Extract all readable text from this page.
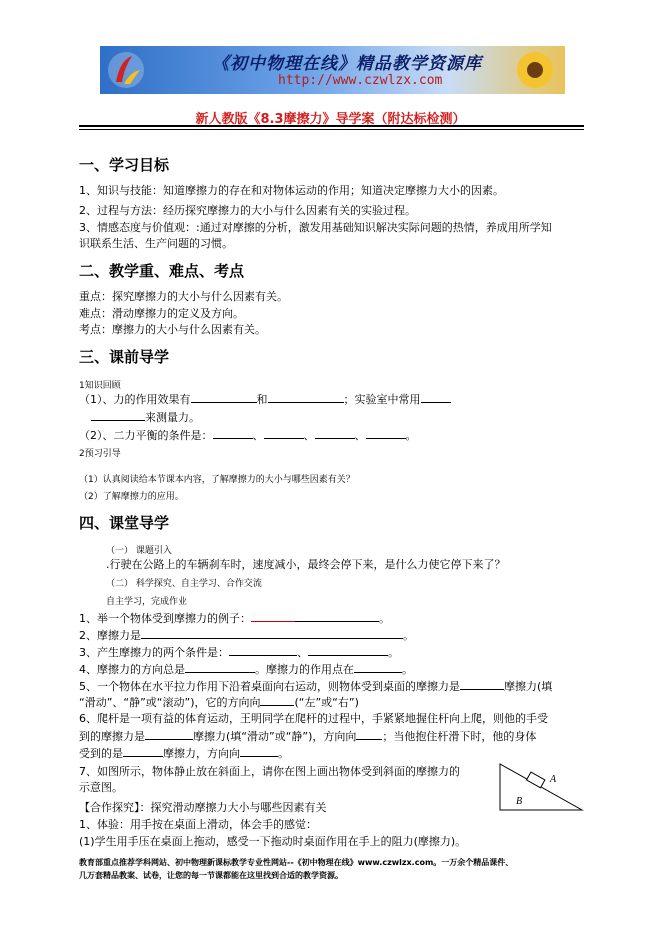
《初中物理在线》精品教学资源库
http://www.czwlzx.com
新人教版《8.3摩擦力》导学案（附达标检测）
一、学习目标
1、知识与技能：知道摩擦力的存在和对物体运动的作用；知道决定摩擦力大小的因素。
2、过程与方法：经历探究摩擦力的大小与什么因素有关的实验过程。
3、情感态度与价值观：:通过对摩擦的分析，激发用基础知识解决实际问题的热情，养成用所学知
识联系生活、生产问题的习惯。
二、教学重、难点、考点
重点：探究摩擦力的大小与什么因素有关。
难点：滑动摩擦力的定义及方向。
考点：摩擦力的大小与什么因素有关。
三、课前导学
1知识回顾
（1）、力的作用效果有	和	；实验室中常用
来测量力。
（2）、二力平衡的条件是：	、	、	、	。
2预习引导
（1）认真阅读给本节课本内容，了解摩擦力的大小与哪些因素有关？
（2）了解摩擦力的应用。
四、课堂导学
（一） 课题引入
.行驶在公路上的车辆刹车时，速度减小，最终会停下来，是什么力使它停下来了？
（二） 科学探究、自主学习、合作交流
自主学习，完成作业
1、举一个物体受到摩擦力的例子：	。
2、摩擦力是	。
3、产生摩擦力的两个条件是：	、	。
4、摩擦力的方向总是	。摩擦力的作用点在	。
5、一个物体在水平拉力作用下沿着桌面向右运动，则物体受到桌面的摩擦力是	摩擦力(填
“滑动”、“静”或“滚动”)，它的方向向	(“左”或“右”)
6、爬杆是一项有益的体育运动，王明同学在爬杆的过程中，手紧紧地握住杆向上爬，则他的手受
到的摩擦力是	摩擦力(填“滑动”或“静”)，方向向 ；当他抱住杆滑下时，他的身体
受到的是	摩擦力，方向向	。
7、如图所示，物体静止放在斜面上，请你在图上画出物体受到斜面的摩擦力的
示意图。
A
B
【合作探究】：探究滑动摩擦力大小与哪些因素有关
1、体验：用手按在桌面上滑动，体会手的感觉：
(1)学生用手压在桌面上拖动，感受一下拖动时桌面作用在手上的阻力(摩擦力)。
教育部重点推荐学科网站、初中物理新课标教学专业性网站--《初中物理在线》www.czwlzx.com。一万余个精品课件、
几万套精品教案、试卷，让您的每一节课都能在这里找到合适的教学资源。
